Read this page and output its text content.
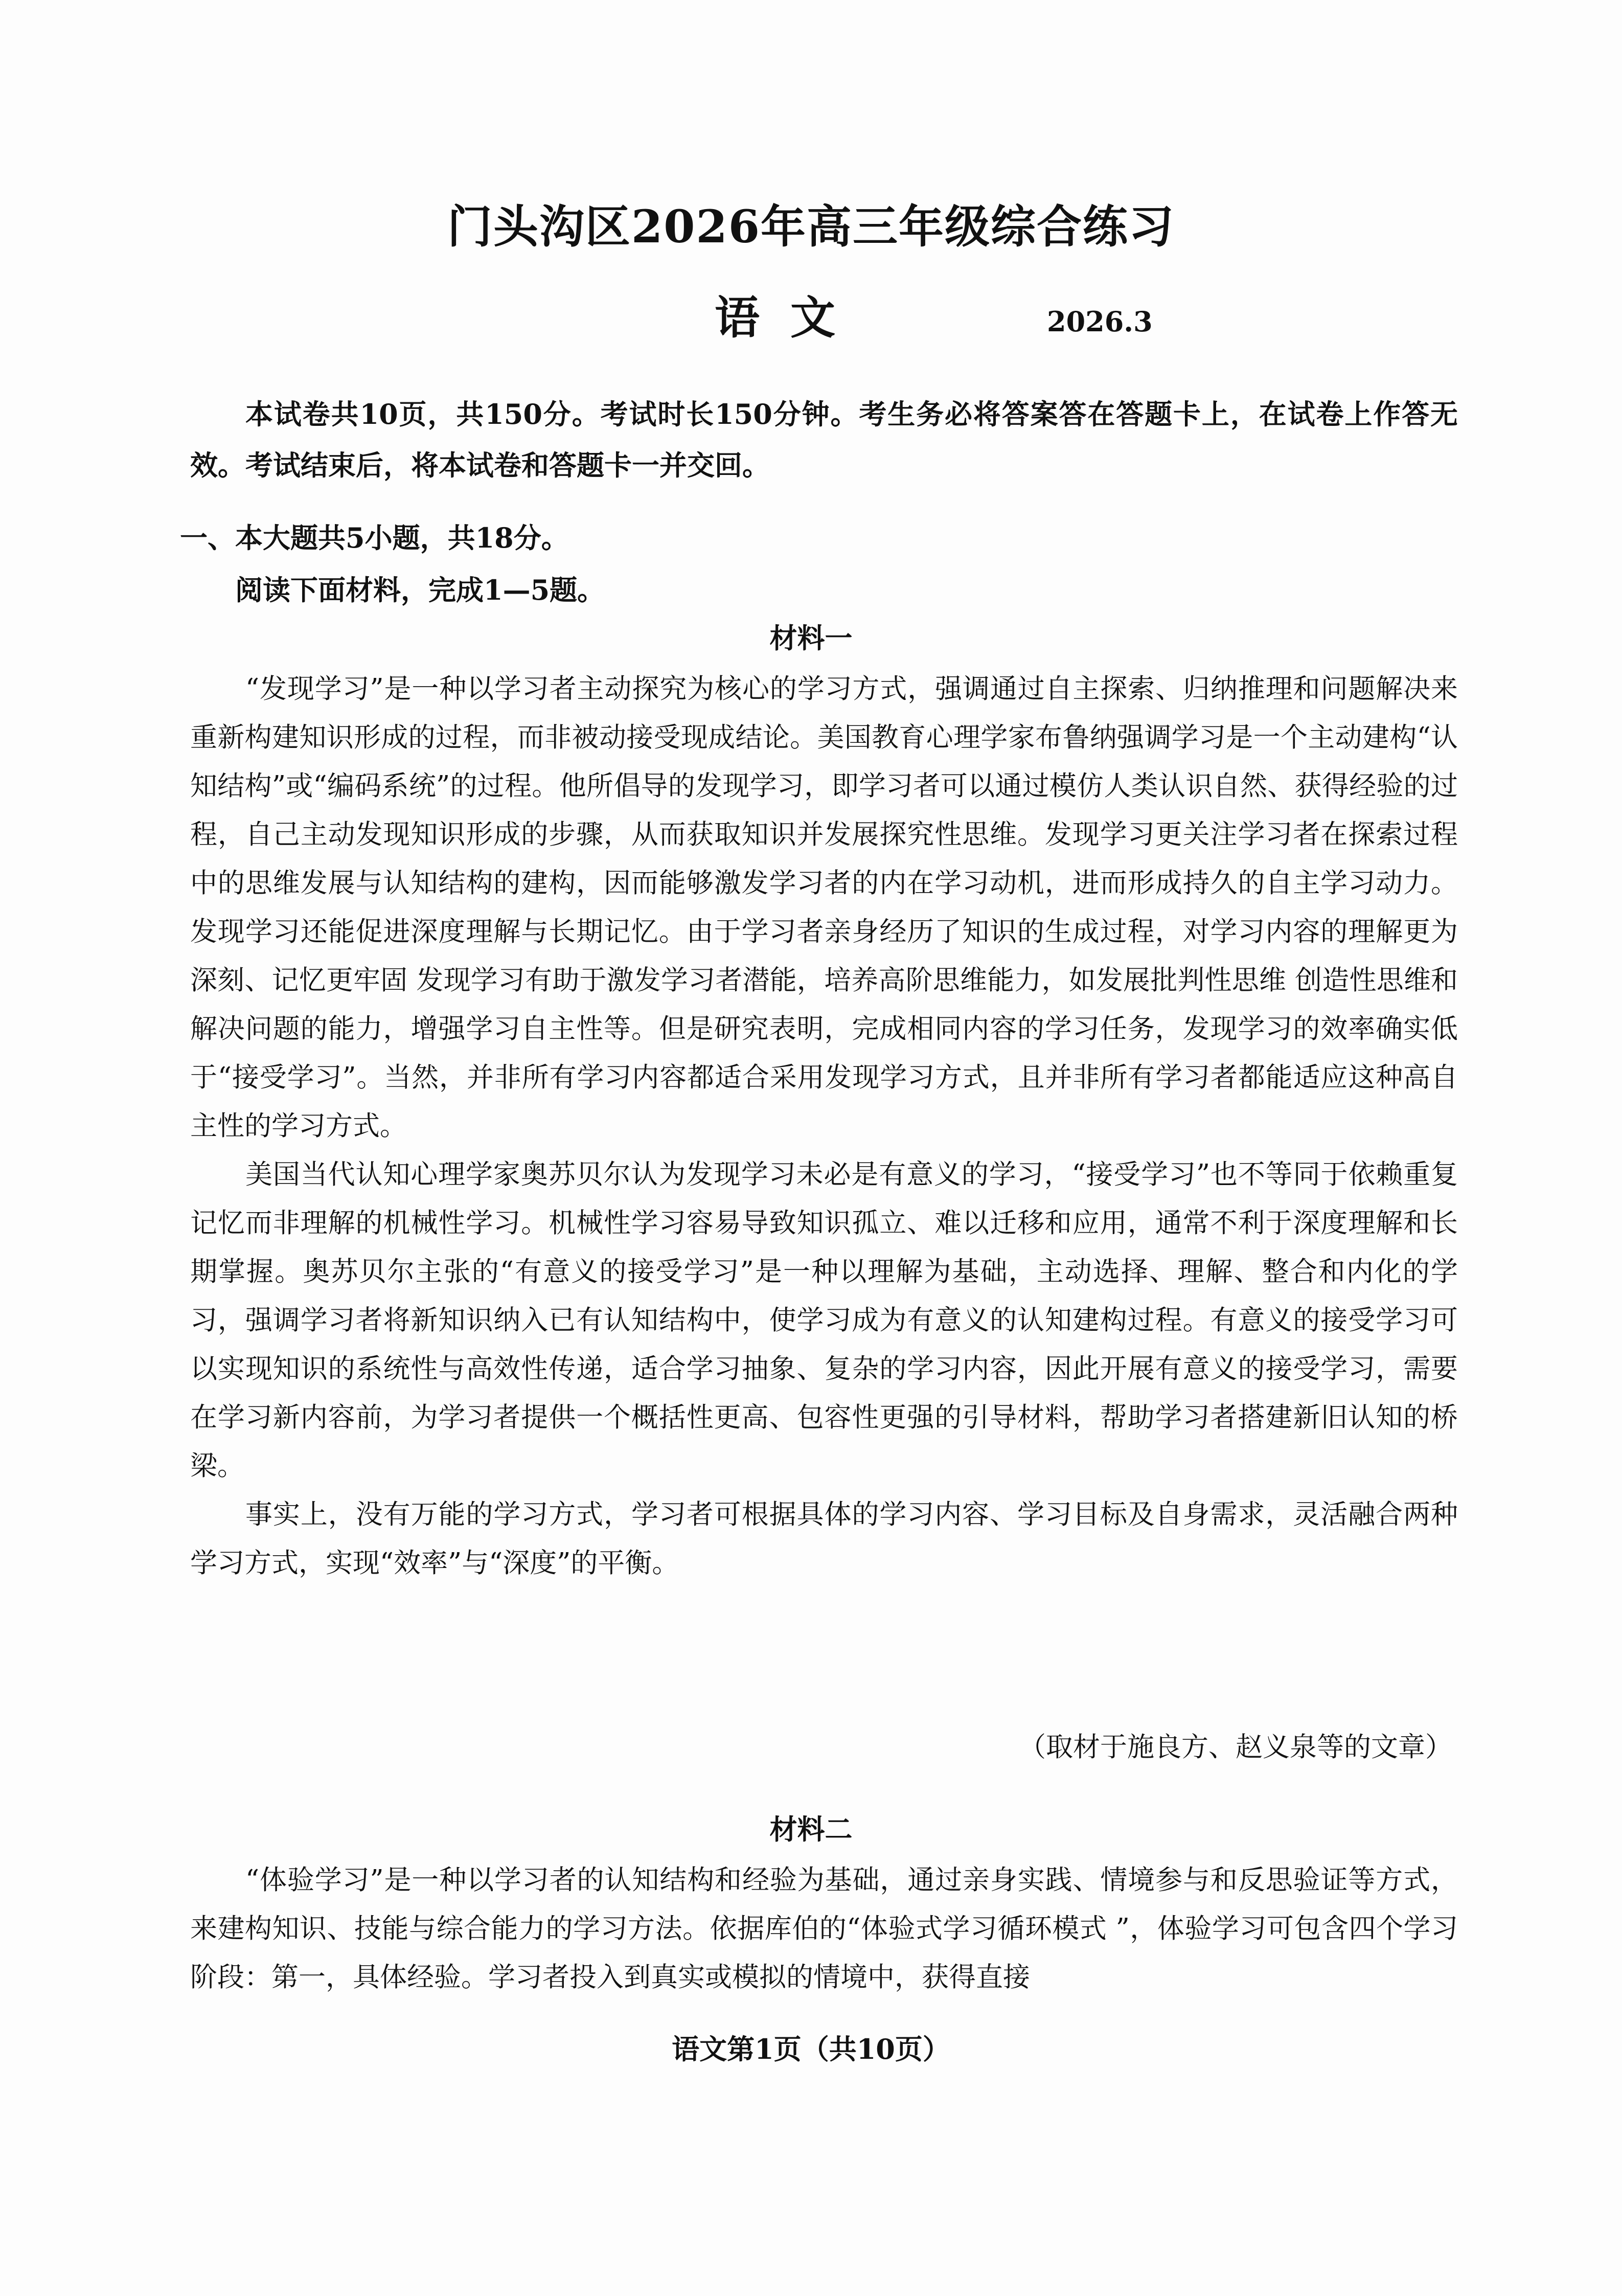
门头沟区2026年高三年级综合练习
语文	2026.3

本试卷共10页，共150分。考试时长150分钟。考生务必将答案答在答题卡上，在试卷上作答无效。考试结束后，将本试卷和答题卡一并交回。

一、本大题共5小题，共18分。
阅读下面材料，完成1—5题。
材料一

“发现学习”是一种以学习者主动探究为核心的学习方式，强调通过自主探索、归纳推理和问题解决来重新构建知识形成的过程，而非被动接受现成结论。美国教育心理学家布鲁纳强调学习是一个主动建构“认知结构”或“编码系统”的过程。他所倡导的发现学习，即学习者可以通过模仿人类认识自然、获得经验的过程，自己主动发现知识形成的步骤，从而获取知识并发展探究性思维。发现学习更关注学习者在探索过程中的思维发展与认知结构的建构，因而能够激发学习者的内在学习动机，进而形成持久的自主学习动力。发现学习还能促进深度理解与长期记忆。由于学习者亲身经历了知识的生成过程，对学习内容的理解更为深刻、记忆更牢固 发现学习有助于激发学习者潜能，培养高阶思维能力，如发展批判性思维 创造性思维和解决问题的能力，增强学习自主性等。但是研究表明，完成相同内容的学习任务，发现学习的效率确实低于“接受学习”。当然，并非所有学习内容都适合采用发现学习方式，且并非所有学习者都能适应这种高自主性的学习方式。

美国当代认知心理学家奥苏贝尔认为发现学习未必是有意义的学习，“接受学习”也不等同于依赖重复记忆而非理解的机械性学习。机械性学习容易导致知识孤立、难以迁移和应用，通常不利于深度理解和长期掌握。奥苏贝尔主张的“有意义的接受学习”是一种以理解为基础，主动选择、理解、整合和内化的学习，强调学习者将新知识纳入已有认知结构中，使学习成为有意义的认知建构过程。有意义的接受学习可以实现知识的系统性与高效性传递，适合学习抽象、复杂的学习内容，因此开展有意义的接受学习，需要在学习新内容前，为学习者提供一个概括性更高、包容性更强的引导材料，帮助学习者搭建新旧认知的桥梁。

事实上，没有万能的学习方式，学习者可根据具体的学习内容、学习目标及自身需求，灵活融合两种学习方式，实现“效率”与“深度”的平衡。

（取材于施良方、赵义泉等的文章）
材料二

“体验学习”是一种以学习者的认知结构和经验为基础，通过亲身实践、情境参与和反思验证等方式，来建构知识、技能与综合能力的学习方法。依据库伯的“体验式学习循环模式 ”，体验学习可包含四个学习阶段：第一，具体经验。学习者投入到真实或模拟的情境中，获得直接

语文第1页（共10页）
